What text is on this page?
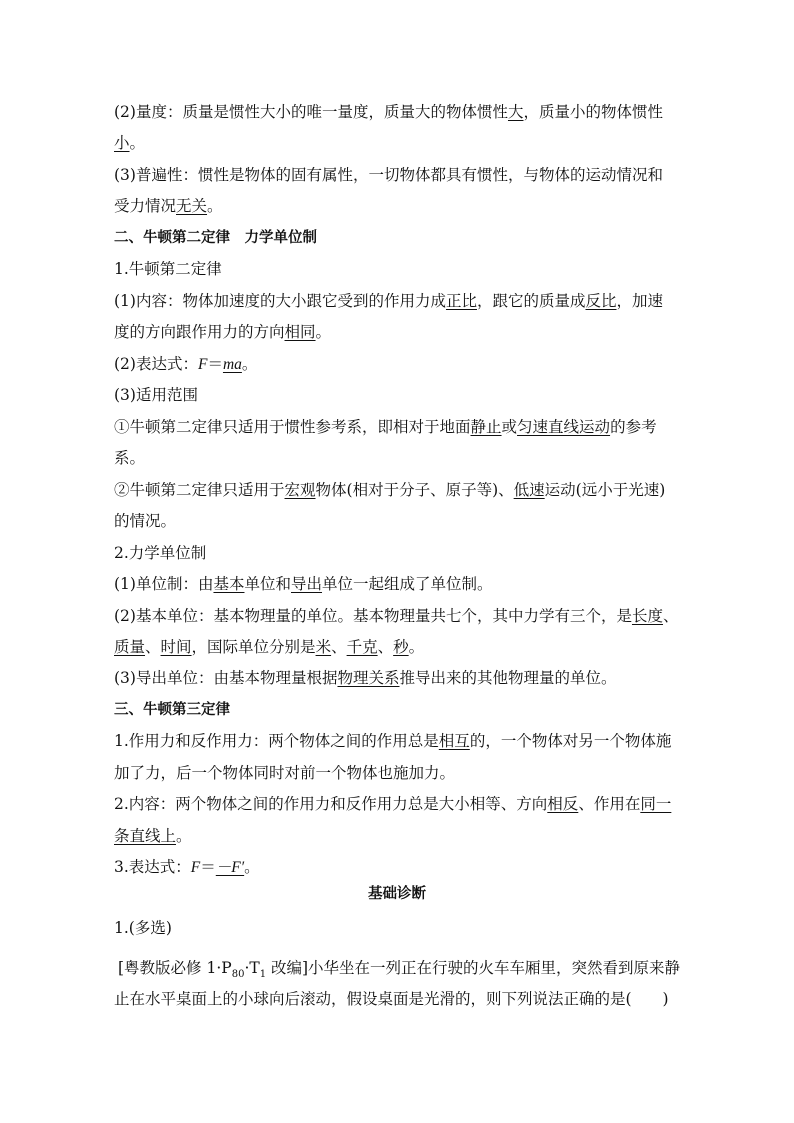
(2)量度：质量是惯性大小的唯一量度，质量大的物体惯性大，质量小的物体惯性
小。
(3)普遍性：惯性是物体的固有属性，一切物体都具有惯性，与物体的运动情况和
受力情况无关。
二、牛顿第二定律　力学单位制
1.牛顿第二定律
(1)内容：物体加速度的大小跟它受到的作用力成正比，跟它的质量成反比，加速
度的方向跟作用力的方向相同。
(2)表达式：F＝ma。
(3)适用范围
①牛顿第二定律只适用于惯性参考系，即相对于地面静止或匀速直线运动的参考
系。
②牛顿第二定律只适用于宏观物体(相对于分子、原子等)、低速运动(远小于光速)
的情况。
2.力学单位制
(1)单位制：由基本单位和导出单位一起组成了单位制。
(2)基本单位：基本物理量的单位。基本物理量共七个，其中力学有三个，是长度、
质量、时间，国际单位分别是米、千克、秒。
(3)导出单位：由基本物理量根据物理关系推导出来的其他物理量的单位。
三、牛顿第三定律
1.作用力和反作用力：两个物体之间的作用总是相互的，一个物体对另一个物体施
加了力，后一个物体同时对前一个物体也施加力。
2.内容：两个物体之间的作用力和反作用力总是大小相等、方向相反、作用在同一
条直线上。
3.表达式：F＝－F′。
基础诊断
1.(多选)
[粤教版必修 $1\cdot P_{80}\cdot T_1$ 改编]小华坐在一列正在行驶的火车车厢里，突然看到原来静
止在水平桌面上的小球向后滚动，假设桌面是光滑的，则下列说法正确的是(　　)
